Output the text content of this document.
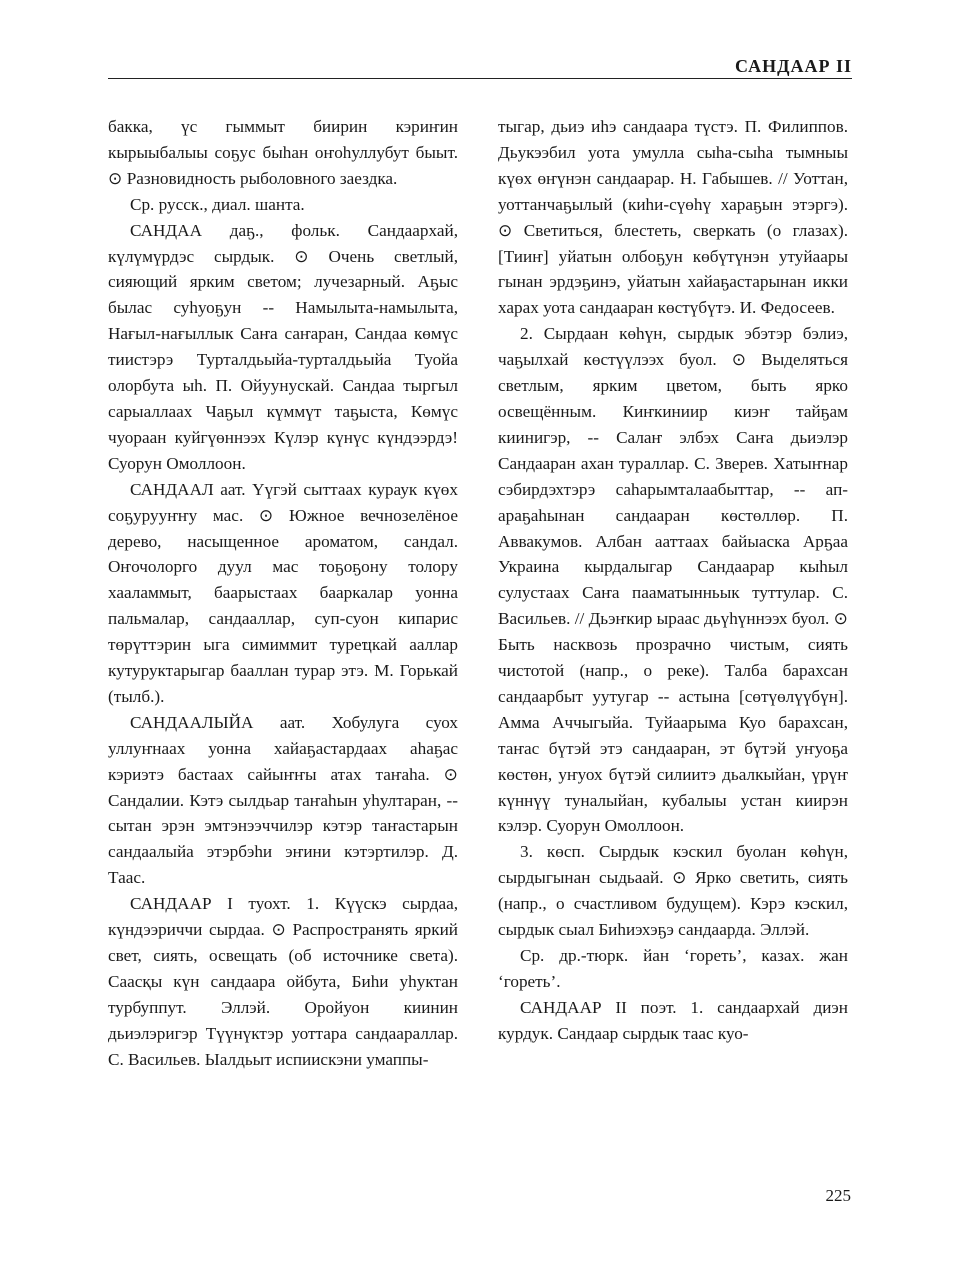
САНДААР II

бакка, үс гыммыт биирин кэриҥин кырыыбалыы соҕус быһан оҥоһуллубут быыт. ⊙ Разновидность рыболовного заездка.

Ср. русск., диал. шанта.

САНДАА даҕ., фольк. Сандаархай, күлүмүрдэс сырдык. ⊙ Очень светлый, сияющий ярким светом; лучезарный. Аҕыс былас суһуоҕун -- Намылыта-намылыта, Нағыл-нағыллык Саҥа саҥаран, Сандаа көмүс тиистэрэ Турталдьыйа-турталдьыйа Туойа олорбута ыһ. П. Ойуунускай. Сандаа тыргыл сарыаллаах Чаҕыл күммүт таҕыста, Көмүс чуораан куйгүөннээх Күлэр күнүс күндээрдэ! Суорун Омоллоон.

САНДААЛ аат. Үүгэй сыттаах кураук күөх соҕурууҥҥу мас. ⊙ Южное вечнозелёное дерево, насыщенное ароматом, сандал. Оҥочолорго дуул мас тоҕоҕону толору хааламмыт, баарыстаах бааркалар уонна пальмалар, сандааллар, суп-суон кипарис төрүттэрин ыга симиммит туреҵкай ааллар кутуруктарыгар бааллан турар этэ. М. Горькай (тылб.).

САНДААЛЫЙА аат. Хобулуга суох уллуҥнаах уонна хайаҕастардаах аһаҕас кэриэтэ бастаах сайыҥҥы атах таҥаһа. ⊙ Сандалии. Кэтэ сылдьар таҥаһын уһултаран, -- сытан эрэн эмтэнээччилэр кэтэр таҥастарын сандаалыйа этэрбэһи эҥини кэтэртилэр. Д. Таас.

САНДААР I туохт. 1. Күүскэ сырдаа, күндээриччи сырдаа. ⊙ Распространять яркий свет, сиять, освещать (об источнике света). Саасқы күн сандаара ойбута, Биһи уһуктан турбуппут. Эллэй. Оройуон киинин дьиэлэригэр Түүнүктэр уоттара сандаараллар. С. Васильев. Ыалдьыт испиискэни умаппы-

тыгар, дьиэ иһэ сандаара түстэ. П. Филиппов. Дьукээбил уота умулла сыһа-сыһа тымныы күөх өҥүнэн сандаарар. Н. Габышев. // Уоттан, уоттанчаҕылый (киһи-сүөһү хараҕын этэргэ). ⊙ Светиться, блестеть, сверкать (о глазах). [Тииҥ] уйатын олбоҕун көбүтүнэн утуйаары гынан эрдэҕинэ, уйатын хайаҕастарынан икки харах уота сандааран көстүбүтэ. И. Федосеев.

2. Сырдаан көһүн, сырдык эбэтэр бэлиэ, чаҕылхай көстүүлээх буол. ⊙ Выделяться светлым, ярким цветом, быть ярко освещённым. Киҥкиниир киэҥ тайҕам киинигэр, -- Салаҥ элбэх Саҥа дьиэлэр Сандааран ахан тураллар. С. Зверев. Хатыҥнар сэбирдэхтэрэ саһарымталаабыттар, -- ап-араҕаһынан сандааран көстөллөр. П. Аввакумов. Албан ааттаах байыаска Арҕаа Украина кырдалыгар Сандаарар кыһыл сулустаах Саҥа пааматынньык туттулар. С. Васильев. // Дьэҥкир ыраас дьүһүннээх буол. ⊙ Быть насквозь прозрачно чистым, сиять чистотой (напр., о реке). Талба барахсан сандаарбыт уутугар -- астына [сөтүөлүүбүн]. Амма Аччыгыйа. Туйаарыма Куо барахсан, таҥас бүтэй этэ сандааран, эт бүтэй уҥуоҕа көстөн, уҥуох бүтэй силиитэ дьалкыйан, үрүҥ күннүү туналыйан, кубалыы устан киирэн кэлэр. Суорун Омоллоон.

3. көсп. Сырдык кэскил буолан көһүн, сырдыгынан сыдьаай. ⊙ Ярко светить, сиять (напр., о счастливом будущем). Кэрэ кэскил, сырдык сыал Биһиэхэҕэ сандаарда. Эллэй.

Ср. др.-тюрк. йан ‘гореть’, казах. жан ‘гореть’.

САНДААР II поэт. 1. сандаархай диэн курдук. Сандаар сырдык таас куо-

225
